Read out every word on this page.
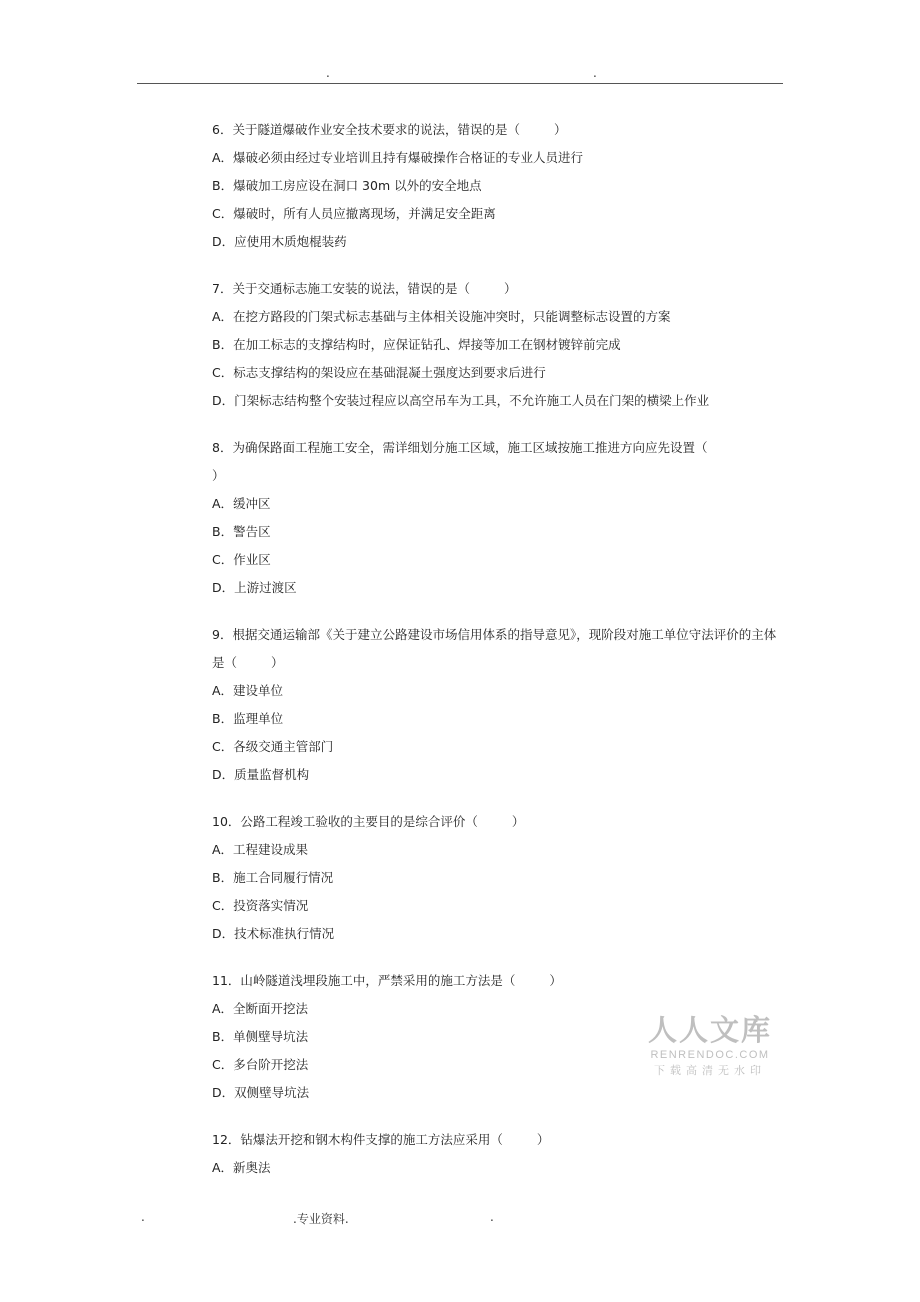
.	.
6．关于隧道爆破作业安全技术要求的说法，错误的是（	）
A．爆破必须由经过专业培训且持有爆破操作合格证的专业人员进行
B．爆破加工房应设在洞口 30m 以外的安全地点
C．爆破时，所有人员应撤离现场，并满足安全距离
D．应使用木质炮棍装药
7．关于交通标志施工安装的说法，错误的是（	）
A．在挖方路段的门架式标志基础与主体相关设施冲突时，只能调整标志设置的方案
B．在加工标志的支撑结构时，应保证钻孔、焊接等加工在钢材镀锌前完成
C．标志支撑结构的架设应在基础混凝土强度达到要求后进行
D．门架标志结构整个安装过程应以高空吊车为工具，不允许施工人员在门架的横梁上作业
8．为确保路面工程施工安全，需详细划分施工区域，施工区域按施工推进方向应先设置（
）
A．缓冲区
B．警告区
C．作业区
D．上游过渡区
9．根据交通运输部《关于建立公路建设市场信用体系的指导意见》，现阶段对施工单位守法评价的主体是（	）
A．建设单位
B．监理单位
C．各级交通主管部门
D．质量监督机构
10．公路工程竣工验收的主要目的是综合评价（	）
A．工程建设成果
B．施工合同履行情况
C．投资落实情况
D．技术标准执行情况
11．山岭隧道浅埋段施工中，严禁采用的施工方法是（	）
A．全断面开挖法
B．单侧壁导坑法
C．多台阶开挖法
D．双侧壁导坑法
12．钻爆法开挖和钢木构件支撑的施工方法应采用（	）
A．新奥法
人人文库
RENRENDOC.COM
下载高清无水印
.	.专业资料.	.
